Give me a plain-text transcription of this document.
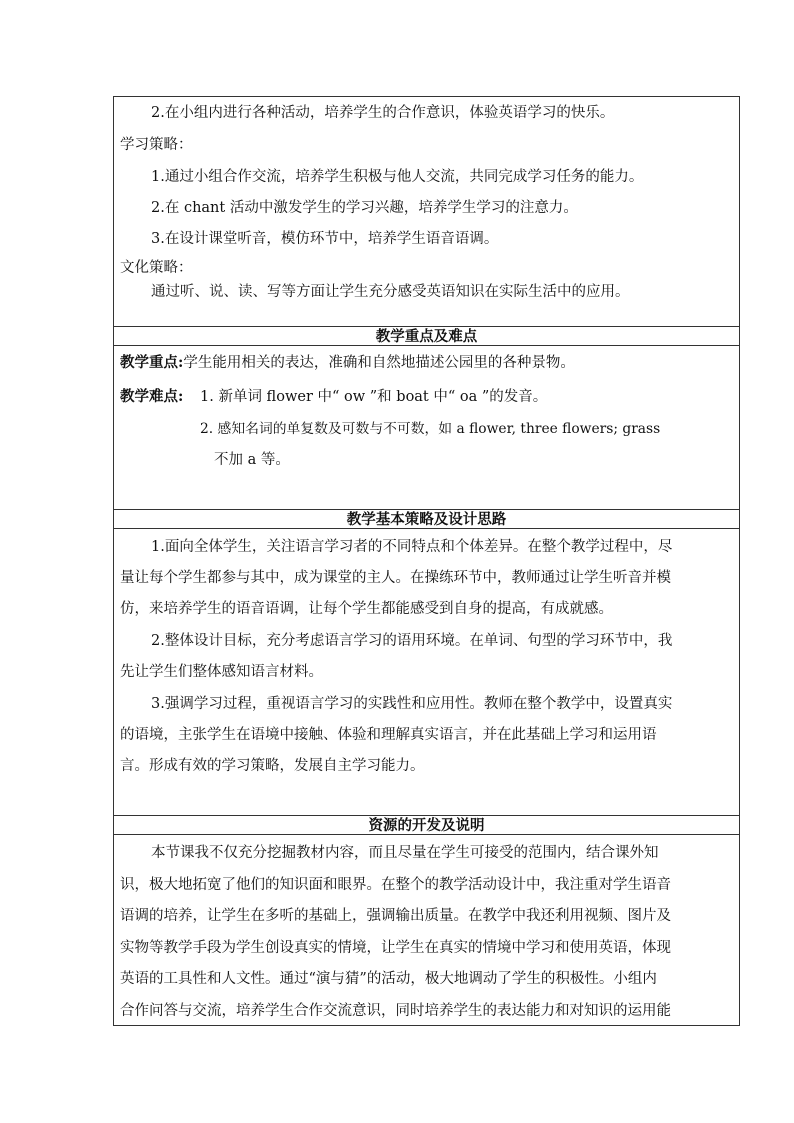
2.在小组内进行各种活动，培养学生的合作意识，体验英语学习的快乐。
学习策略：
1.通过小组合作交流，培养学生积极与他人交流，共同完成学习任务的能力。
2.在 chant 活动中激发学生的学习兴趣，培养学生学习的注意力。
3.在设计课堂听音，模仿环节中，培养学生语音语调。
文化策略：
通过听、说、读、写等方面让学生充分感受英语知识在实际生活中的应用。
教学重点及难点
教学重点:学生能用相关的表达，准确和自然地描述公园里的各种景物。
教学难点: 1. 新单词 flower 中“ ow ”和 boat 中“ oa ”的发音。
2. 感知名词的单复数及可数与不可数，如 a flower, three flowers; grass
不加 a 等。
教学基本策略及设计思路
1.面向全体学生，关注语言学习者的不同特点和个体差异。在整个教学过程中，尽
量让每个学生都参与其中，成为课堂的主人。在操练环节中，教师通过让学生听音并模
仿，来培养学生的语音语调，让每个学生都能感受到自身的提高，有成就感。
2.整体设计目标，充分考虑语言学习的语用环境。在单词、句型的学习环节中，我
先让学生们整体感知语言材料。
3.强调学习过程，重视语言学习的实践性和应用性。教师在整个教学中，设置真实
的语境，主张学生在语境中接触、体验和理解真实语言，并在此基础上学习和运用语
言。形成有效的学习策略，发展自主学习能力。
资源的开发及说明
本节课我不仅充分挖掘教材内容，而且尽量在学生可接受的范围内，结合课外知
识，极大地拓宽了他们的知识面和眼界。在整个的教学活动设计中，我注重对学生语音
语调的培养，让学生在多听的基础上，强调输出质量。在教学中我还利用视频、图片及
实物等教学手段为学生创设真实的情境，让学生在真实的情境中学习和使用英语，体现
英语的工具性和人文性。通过“演与猜”的活动，极大地调动了学生的积极性。小组内
合作问答与交流，培养学生合作交流意识，同时培养学生的表达能力和对知识的运用能
